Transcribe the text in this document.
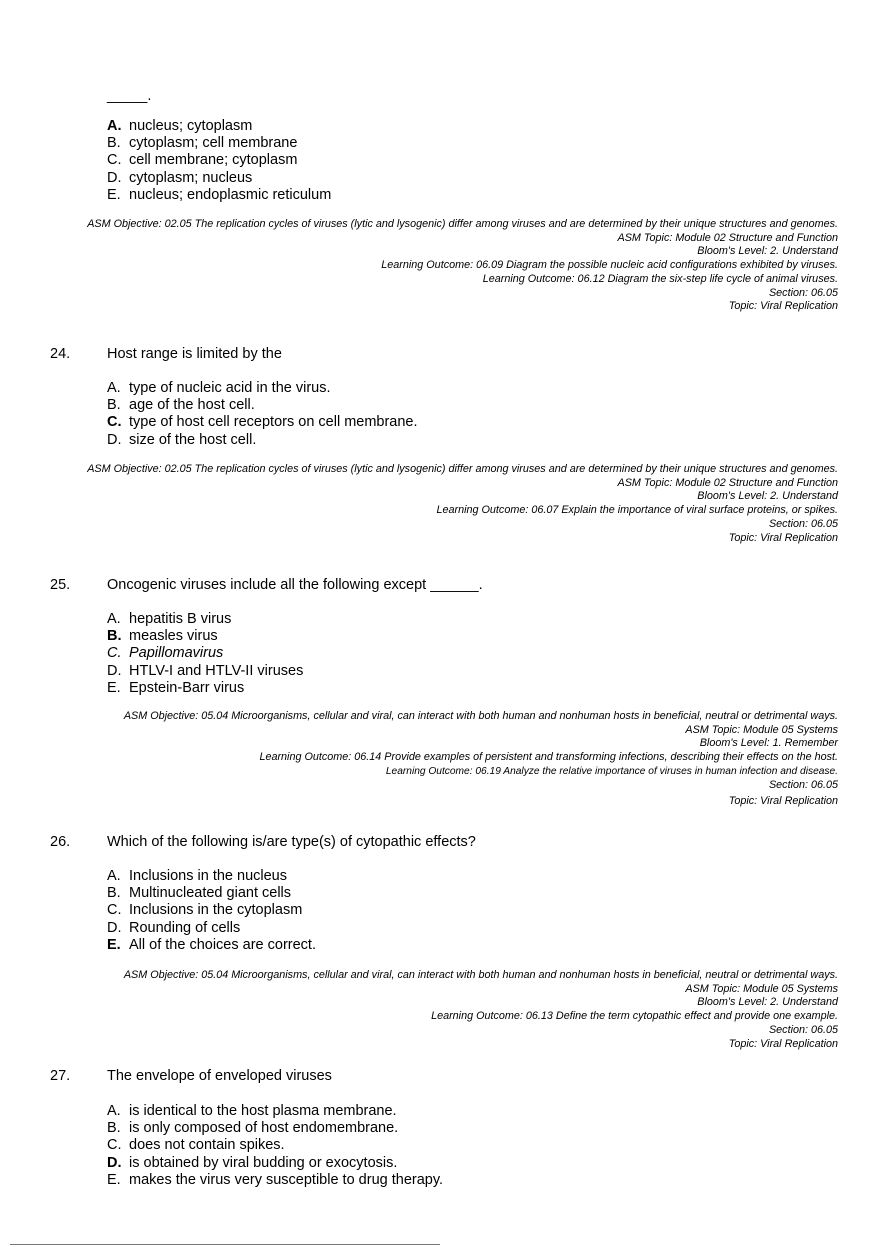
_____.
A. nucleus; cytoplasm
B. cytoplasm; cell membrane
C. cell membrane; cytoplasm
D. cytoplasm; nucleus
E. nucleus; endoplasmic reticulum
ASM Objective: 02.05 The replication cycles of viruses (lytic and lysogenic) differ among viruses and are determined by their unique structures and genomes.
ASM Topic: Module 02 Structure and Function
Bloom's Level: 2. Understand
Learning Outcome: 06.09 Diagram the possible nucleic acid configurations exhibited by viruses.
Learning Outcome: 06.12 Diagram the six-step life cycle of animal viruses.
Section: 06.05
Topic: Viral Replication
24.	Host range is limited by the
A. type of nucleic acid in the virus.
B. age of the host cell.
C. type of host cell receptors on cell membrane.
D. size of the host cell.
ASM Objective: 02.05 The replication cycles of viruses (lytic and lysogenic) differ among viruses and are determined by their unique structures and genomes.
ASM Topic: Module 02 Structure and Function
Bloom's Level: 2. Understand
Learning Outcome: 06.07 Explain the importance of viral surface proteins, or spikes.
Section: 06.05
Topic: Viral Replication
25.	Oncogenic viruses include all the following except ______.
A. hepatitis B virus
B. measles virus
C. Papillomavirus
D. HTLV-I and HTLV-II viruses
E. Epstein-Barr virus
ASM Objective: 05.04 Microorganisms, cellular and viral, can interact with both human and nonhuman hosts in beneficial, neutral or detrimental ways.
ASM Topic: Module 05 Systems
Bloom's Level: 1. Remember
Learning Outcome: 06.14 Provide examples of persistent and transforming infections, describing their effects on the host.
Learning Outcome: 06.19 Analyze the relative importance of viruses in human infection and disease.
Section: 06.05
Topic: Viral Replication
26.	Which of the following is/are type(s) of cytopathic effects?
A. Inclusions in the nucleus
B. Multinucleated giant cells
C. Inclusions in the cytoplasm
D. Rounding of cells
E. All of the choices are correct.
ASM Objective: 05.04 Microorganisms, cellular and viral, can interact with both human and nonhuman hosts in beneficial, neutral or detrimental ways.
ASM Topic: Module 05 Systems
Bloom's Level: 2. Understand
Learning Outcome: 06.13 Define the term cytopathic effect and provide one example.
Section: 06.05
Topic: Viral Replication
27.	The envelope of enveloped viruses
A. is identical to the host plasma membrane.
B. is only composed of host endomembrane.
C. does not contain spikes.
D. is obtained by viral budding or exocytosis.
E. makes the virus very susceptible to drug therapy.
